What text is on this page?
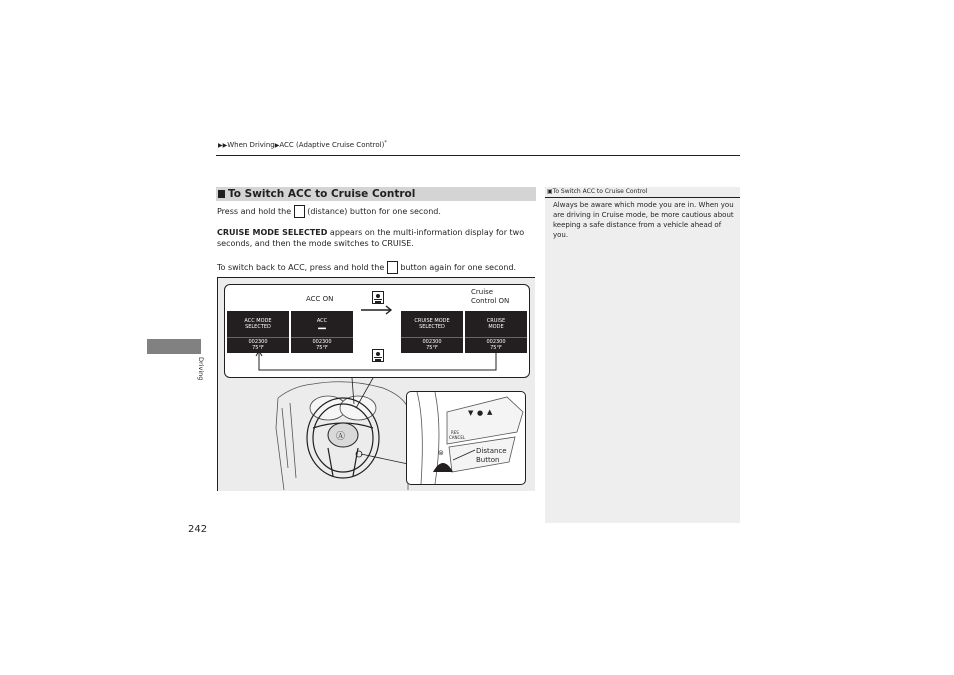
▶▶When Driving▶ACC (Adaptive Cruise Control)*
Driving
To Switch ACC to Cruise Control
Press and hold the (distance) button for one second.
CRUISE MODE SELECTED appears on the multi-information display for two
seconds, and then the mode switches to CRUISE.
To switch back to ACC, press and hold the button again for one second.
▣To Switch ACC to Cruise Control
Always be aware which mode you are in. When you are driving in Cruise mode, be more cautious about keeping a safe distance from a vehicle ahead of you.
ACC ON
Cruise
Control ON
ACC MODE
SELECTED
002300
75°F
ACC
▂▂
002300
75°F
CRUISE MODE
SELECTED
002300
75°F
CRUISE
MODE
002300
75°F
Ⓐ
▼ ● ▲
RES
CANCEL
⊜	Distance
Button
242
